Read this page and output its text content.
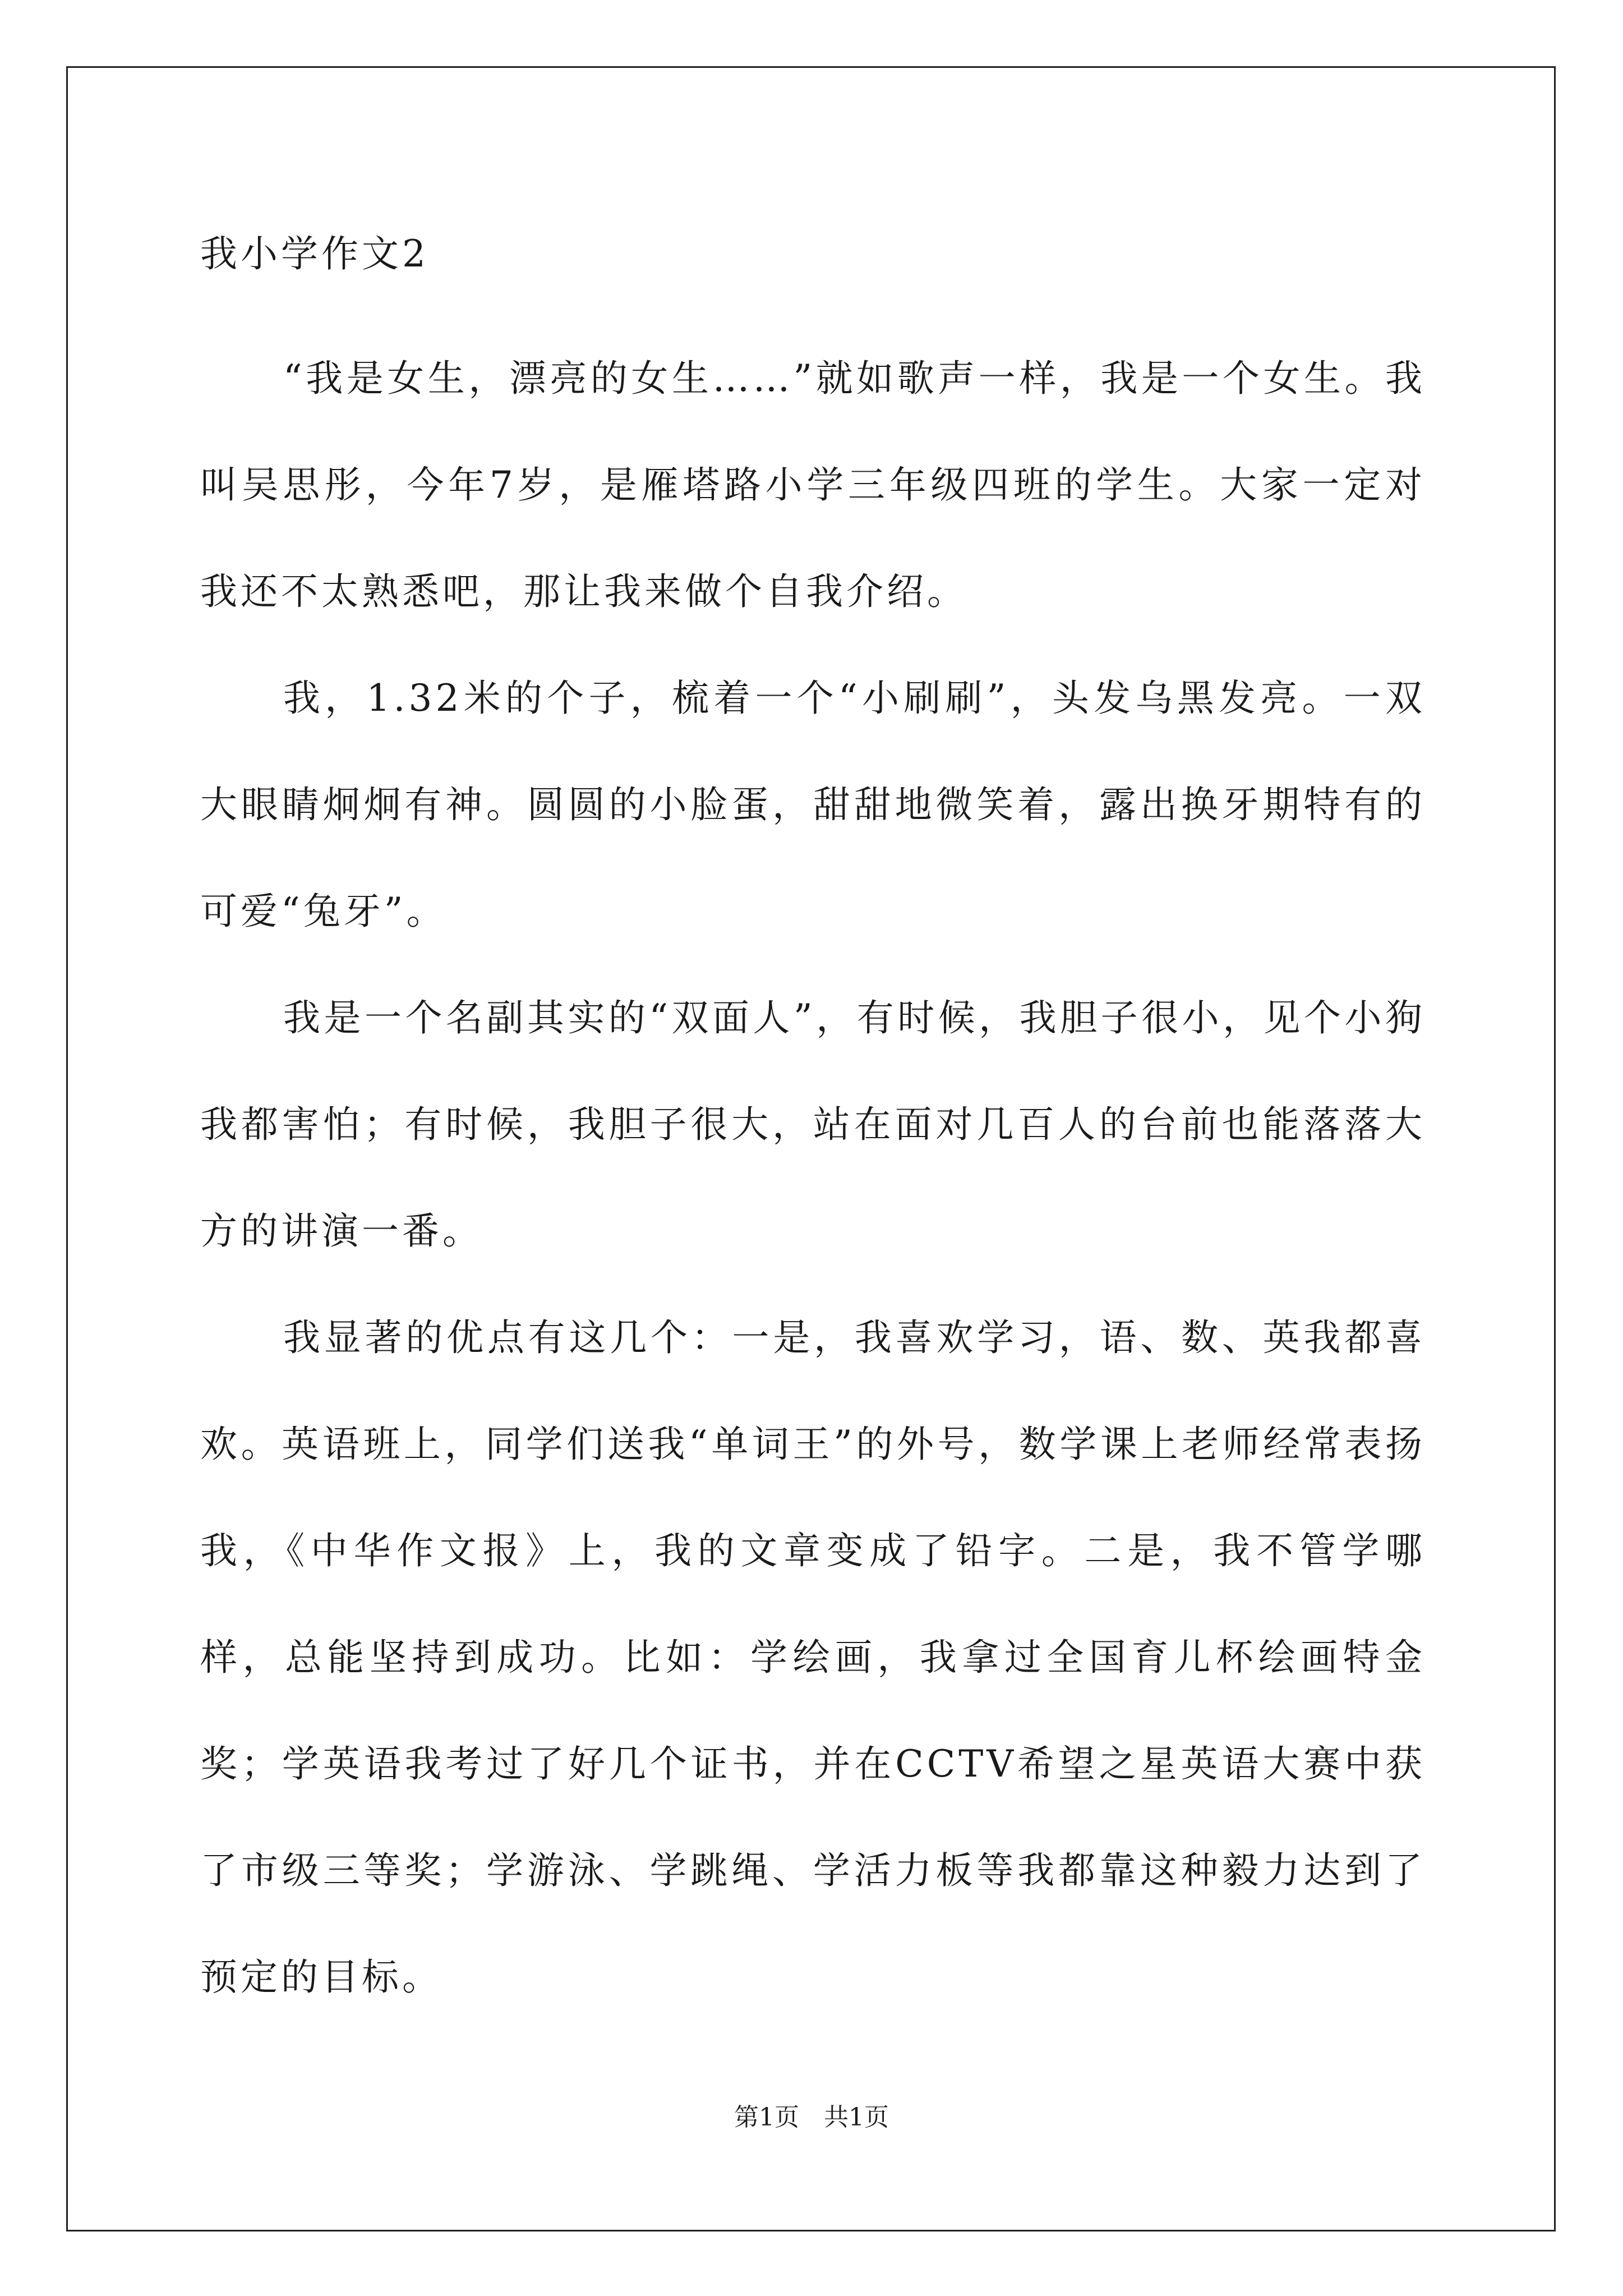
我小学作文2

“我是女生，漂亮的女生……”就如歌声一样，我是一个女生。我叫吴思彤，今年7岁，是雁塔路小学三年级四班的学生。大家一定对我还不太熟悉吧，那让我来做个自我介绍。

我，1.32米的个子，梳着一个“小刷刷”，头发乌黑发亮。一双大眼睛炯炯有神。圆圆的小脸蛋，甜甜地微笑着，露出换牙期特有的可爱“兔牙”。

我是一个名副其实的“双面人”，有时候，我胆子很小，见个小狗我都害怕；有时候，我胆子很大，站在面对几百人的台前也能落落大方的讲演一番。

我显著的优点有这几个：一是，我喜欢学习，语、数、英我都喜欢。英语班上，同学们送我“单词王”的外号，数学课上老师经常表扬我，《中华作文报》上，我的文章变成了铅字。二是，我不管学哪样，总能坚持到成功。比如：学绘画，我拿过全国育儿杯绘画特金奖；学英语我考过了好几个证书，并在CCTV希望之星英语大赛中获了市级三等奖；学游泳、学跳绳、学活力板等我都靠这种毅力达到了预定的目标。

第1页　共1页
